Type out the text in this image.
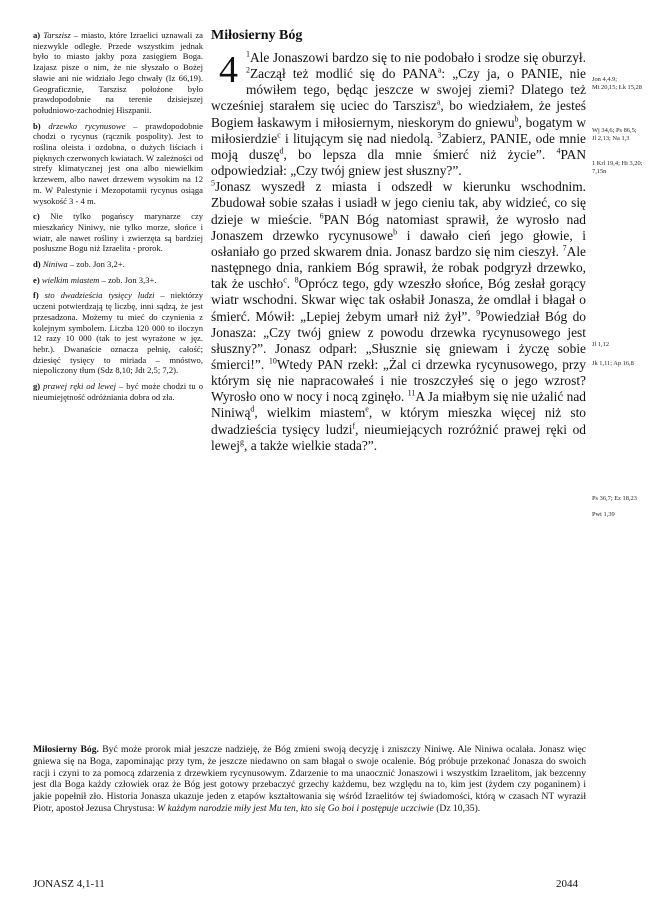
a) Tarszisz – miasto, które Izraelici uznawali za niezwykle odległe. Przede wszystkim jednak było to miasto jakby poza zasięgiem Boga. Izajasz pisze o nim, że nie słyszało o Bożej sławie ani nie widziało Jego chwały (Iz 66,19). Geograficznie, Tarszisz położone było prawdopodobnie na terenie dzisiejszej południowo-zachodniej Hiszpanii.

b) drzewko rycynusowe – prawdopodobnie chodzi o rycynus (rącznik pospolity). Jest to roślina oleista i ozdobna, o dużych liściach i pięknych czerwonych kwiatach. W zależności od strefy klimatycznej jest ona albo niewielkim krzewem, albo nawet drzewem wysokim na 12 m. W Palestynie i Mezopotamii rycynus osiąga wysokość 3 - 4 m.

c) Nie tylko pogańscy marynarze czy mieszkańcy Niniwy, nie tylko morze, słońce i wiatr, ale nawet rośliny i zwierzęta są bardziej posłuszne Bogu niż Izraelita - prorok.

d) Niniwa – zob. Jon 3,2+.

e) wielkim miastem – zob. Jon 3,3+.

f) sto dwadzieścia tysięcy ludzi – niektórzy uczeni potwierdzają tę liczbę, inni sądzą, że jest przesadzona. Możemy tu mieć do czynienia z kolejnym symbolem. Liczba 120 000 to iloczyn 12 razy 10 000 (tak to jest wyrażone w jęz. hebr.). Dwanaście oznacza pełnię, całość; dziesięć tysięcy to miriada – mnóstwo, niepoliczony tłum (Sdz 8,10; Jdt 2,5; 7,2).

g) prawej ręki od lewej – być może chodzi tu o nieumiejętność odróżniania dobra od zła.

Miłosierny Bóg

4 $^1$Ale Jonaszowi bardzo się to nie podobało i srodze się oburzył. $^2$Zaczął też modlić się do PANA$^a$: „Czy ja, o PANIE, nie mówiłem tego, będąc jeszcze w swojej ziemi? Dlatego też wcześniej starałem się uciec do Tarszisz$^a$, bo wiedziałem, że jesteś Bogiem łaskawym i miłosiernym, nieskorym do gniewu$^b$, bogatym w miłosierdzie$^c$ i litującym się nad niedolą. $^3$Zabierz, PANIE, ode mnie moją duszę$^d$, bo lepsza dla mnie śmierć niż życie”. $^4$PAN odpowiedział: „Czy twój gniew jest słuszny?”.

$^5$Jonasz wyszedł z miasta i odszedł w kierunku wschodnim. Zbudował sobie szałas i usiadł w jego cieniu tak, aby widzieć, co się dzieje w mieście. $^6$PAN Bóg natomiast sprawił, że wyrosło nad Jonaszem drzewko rycynusowe$^b$ i dawało cień jego głowie, i osłaniało go przed skwarem dnia. Jonasz bardzo się nim cieszył. $^7$Ale następnego dnia, rankiem Bóg sprawił, że robak podgryzł drzewko, tak że uschło$^c$. $^8$Oprócz tego, gdy wzeszło słońce, Bóg zesłał gorący wiatr wschodni. Skwar więc tak osłabił Jonasza, że omdlał i błagał o śmierć. Mówił: „Lepiej żebym umarł niż żył”. $^9$Powiedział Bóg do Jonasza: „Czy twój gniew z powodu drzewka rycynusowego jest słuszny?”. Jonasz odparł: „Słusznie się gniewam i życzę sobie śmierci!”. $^{10}$Wtedy PAN rzekł: „Żal ci drzewka rycynusowego, przy którym się nie napracowałeś i nie troszczyłeś się o jego wzrost? Wyrosło ono w nocy i nocą zginęło. $^{11}$A Ja miałbym się nie użalić nad Niniwą$^d$, wielkim miastem$^e$, w którym mieszka więcej niż sto dwadzieścia tysięcy ludzi$^f$, nieumiejących rozróżnić prawej ręki od lewej$^g$, a także wielkie stada?”.

Jon 4,4.9;
Mt 20,15; Łk 15,28
Wj 34,6; Ps 86,5;
Jl 2,13; Na 1,3
1 Krl 19,4; Hi 3,20;
7,15n
Jl 1,12
Jk 1,11; Ap 16,8
Ps 36,7; Ez 18,23
Pwt 1,39
Miłosierny Bóg. Być może prorok miał jeszcze nadzieję, że Bóg zmieni swoją decyzję i zniszczy Niniwę. Ale Niniwa ocalała. Jonasz więc gniewa się na Boga, zapominając przy tym, że jeszcze niedawno on sam błagał o swoje ocalenie. Bóg próbuje przekonać Jonasza do swoich racji i czyni to za pomocą zdarzenia z drzewkiem rycynusowym. Zdarzenie to ma unaocznić Jonaszowi i wszystkim Izraelitom, jak bezcenny jest dla Boga każdy człowiek oraz że Bóg jest gotowy przebaczyć grzechy każdemu, bez względu na to, kim jest (żydem czy poganinem) i jakie popełnił zło. Historia Jonasza ukazuje jeden z etapów kształtowania się wśród Izraelitów tej świadomości, którą w czasach NT wyraził Piotr, apostoł Jezusa Chrystusa: W każdym narodzie miły jest Mu ten, kto się Go boi i postępuje uczciwie (Dz 10,35).
JONASZ 4,1-11	2044
